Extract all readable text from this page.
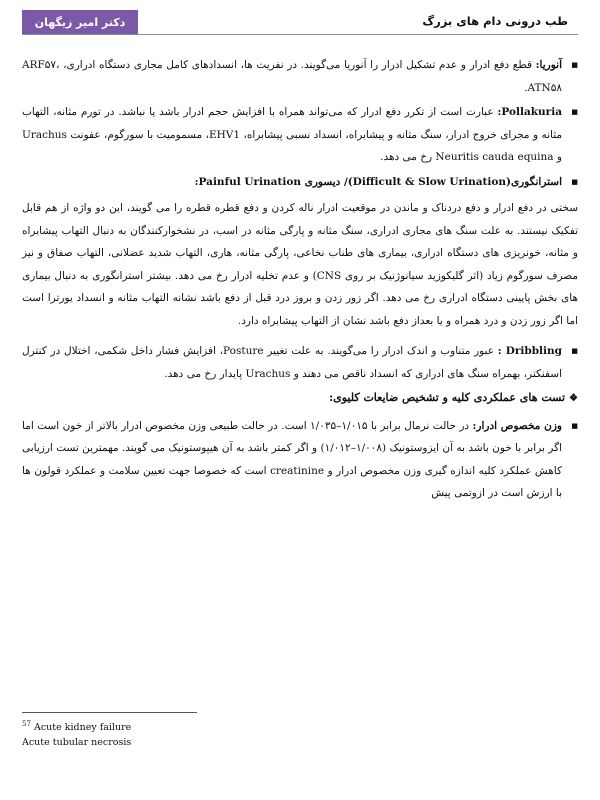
دکتر امیر زیگهان	طب درونی دام های بزرگ
■ آنوریا: قطع دفع ادرار و عدم تشکیل ادرار را آنوریا می‌گویند. در نفریت ها، انسدادهای کامل مجاری دستگاه ادراری، ARF۵۷، ATN۵۸.
■ Pollakuria: عبارت است از تکرر دفع ادرار که می‌تواند همراه با افزایش حجم ادرار باشد یا نباشد. در تورم مثانه، التهاب مثانه و مجرای خروج ادرار، سنگ مثانه و پیشابراه، انسداد نسبی پیشابراه، EHV1، مسمومیت با سورگوم، عفونت Urachus و Neuritis cauda equina رخ می دهد.
■ استرانگوری(Difficult & Slow Urination)/ دیسوری Painful Urination:
سختی در دفع ادرار و دفع دردناک و ماندن در موقعیت ادرار ناله کردن و دفع قطره قطره را می گویند، این دو واژه از هم قابل تفکیک نیستند. به علت سنگ های مجاری ادراری، سنگ مثانه و پارگی مثانه در اسب، در نشخوارکنندگان به دنبال التهاب پیشابراه و مثانه، خونریزی های دستگاه ادراری، بیماری های طناب نخاعی، پارگی مثانه، هاری، التهاب شدید عضلانی، التهاب صفاق و نیز مصرف سورگوم زیاد (اثر گلیکوزید سیانوژنیک بر روی CNS) و عدم تخلیه ادرار رخ می دهد. بیشتر استرانگوری به دنبال بیماری های بخش پایینی دستگاه ادراری رخ می دهد. اگر زور زدن و بروز درد قبل از دفع باشد نشانه التهاب مثانه و انسداد یورترا است اما اگر زور زدن و درد همراه و یا بعداز دفع باشد نشان از التهاب پیشابراه دارد.
■ Dribbling : عبور متناوب و اندک ادرار را می‌گویند. به علت تغییر Posture، افزایش فشار داخل شکمی، اختلال در کنترل اسفنکتر، بهمراه سنگ های ادراری که انسداد ناقص می دهند و Urachus پایدار رخ می دهد.
❖تست های عملکردی کلیه و تشخیص ضایعات کلیوی:
■ وزن مخصوص ادرار: در حالت نرمال برابر با ۱/۰۱۵–۱/۰۳۵ است. در حالت طبیعی وزن مخصوص ادرار بالاتر از خون است اما اگر برابر با خون باشد به آن ایزوستونیک (۱/۰۰۸–۱/۰۱۲) و اگر کمتر باشد به آن هیپوستونیک می گویند. مهمترین تست ارزیابی کاهش عملکرد کلیه اندازه گیری وزن مخصوص ادرار و creatinine است که خصوصا جهت تعیین سلامت و عملکرد قولون ها با ارزش است در ازوتمی پیش
$^{57}$ Acute kidney failure
Acute tubular necrosis
